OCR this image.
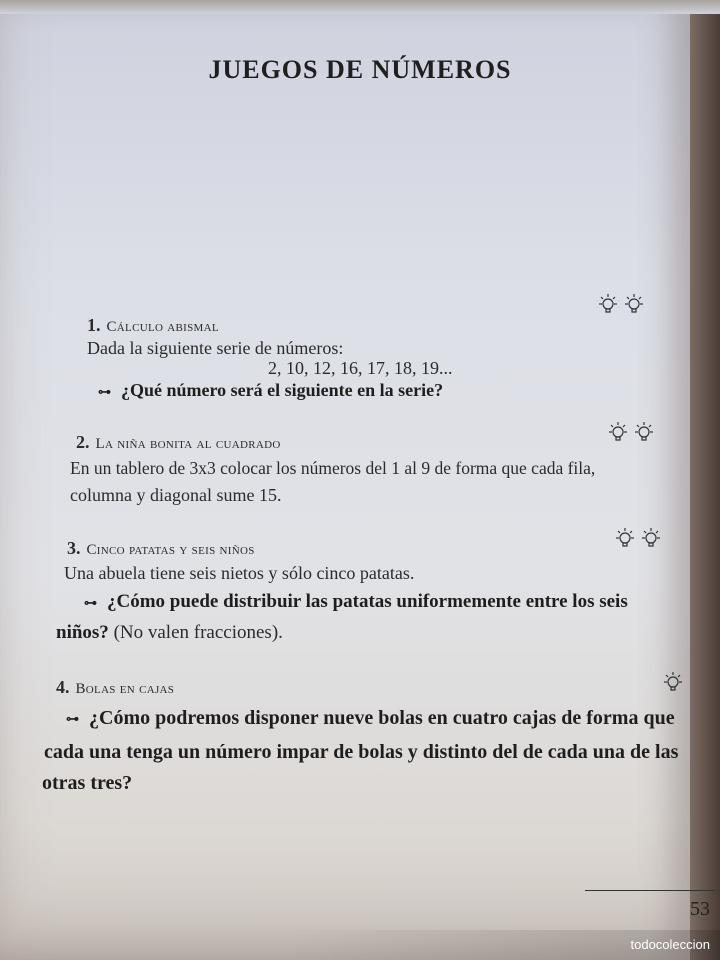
JUEGOS DE NÚMEROS
1. Cálculo abismal
Dada la siguiente serie de números:
2, 10, 12, 16, 17, 18, 19...
⊶ ¿Qué número será el siguiente en la serie?
2. La niña bonita al cuadrado
En un tablero de 3x3 colocar los números del 1 al 9 de forma que cada fila,
columna y diagonal sume 15.
3. Cinco patatas y seis niños
Una abuela tiene seis nietos y sólo cinco patatas.
⊶ ¿Cómo puede distribuir las patatas uniformemente entre los seis
niños? (No valen fracciones).
4. Bolas en cajas
⊶ ¿Cómo podremos disponer nueve bolas en cuatro cajas de forma que
cada una tenga un número impar de bolas y distinto del de cada una de las
otras tres?
53
todocoleccion
